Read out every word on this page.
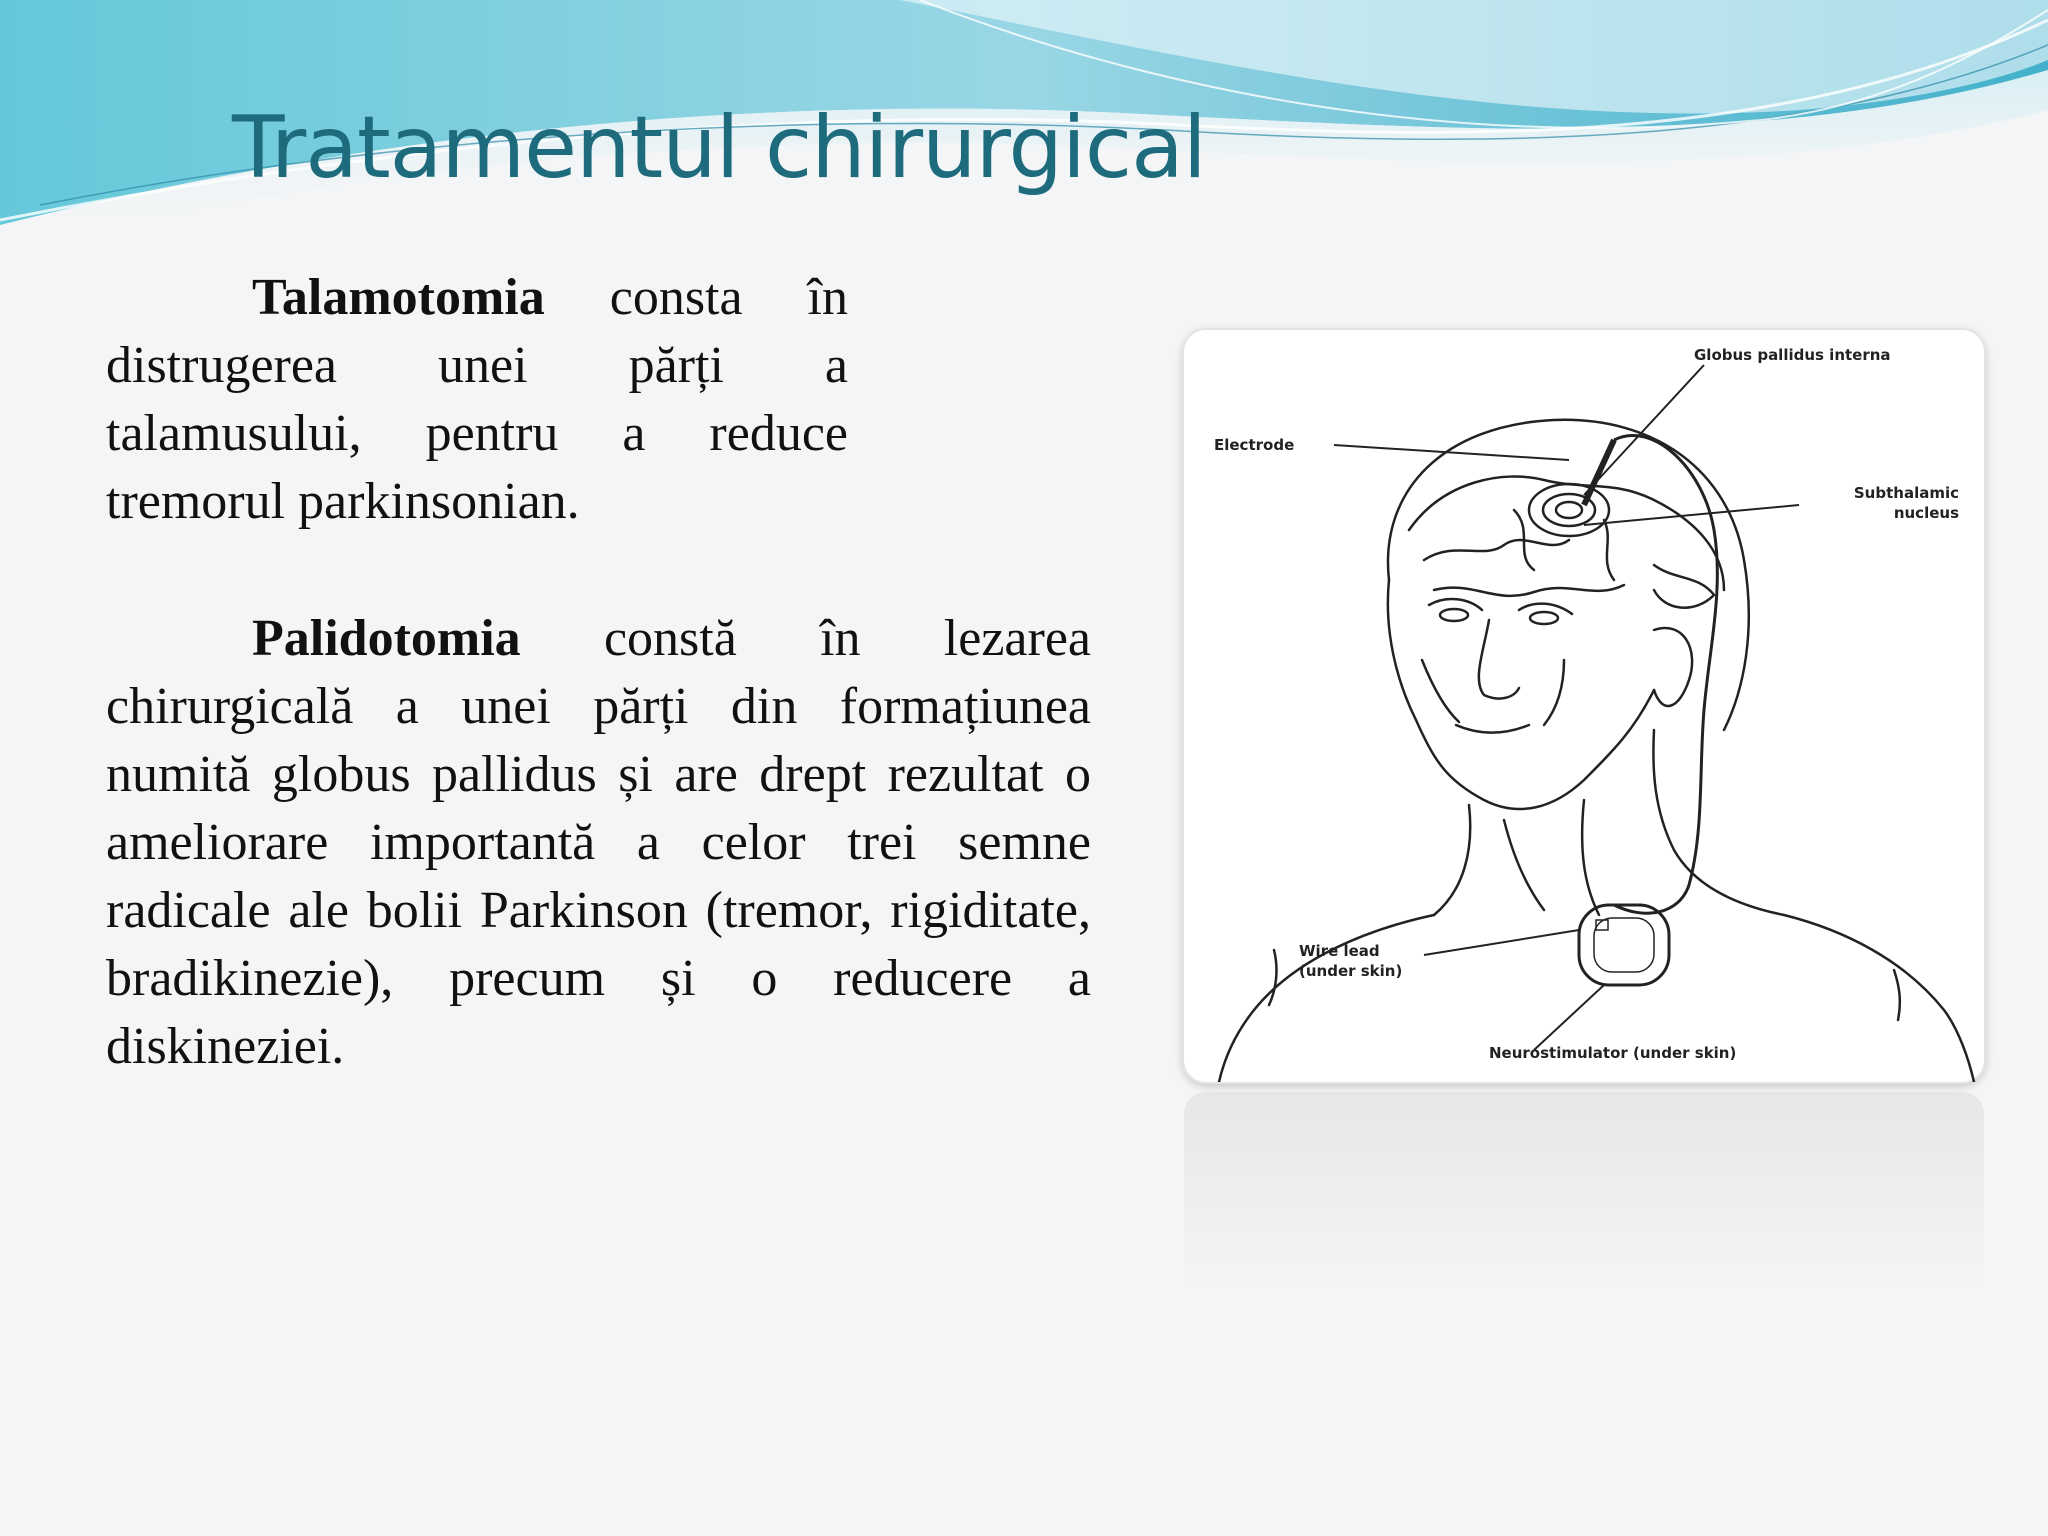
Tratamentul chirurgical

Talamotomia consta în distrugerea unei părți a talamusului, pentru a reduce tremorul parkinsonian.

Palidotomia constă în lezarea chirurgicală a unei părți din formațiunea numită globus pallidus și are drept rezultat o ameliorare importantă a celor trei semne radicale ale bolii Parkinson (tremor, rigiditate, bradikinezie), precum și o reducere a diskineziei.

Globus pallidus interna
Electrode
Subthalamic
nucleus
Wire lead
(under skin)
Neurostimulator (under skin)
